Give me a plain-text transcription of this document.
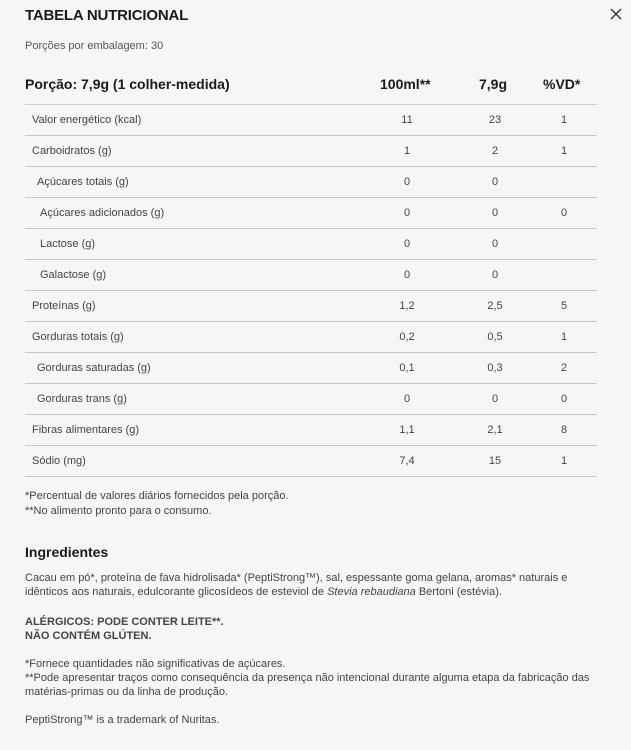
TABELA NUTRICIONAL
Porções por embalagem: 30
Porção: 7,9g (1 colher-medida)	100ml**	7,9g	%VD*
Valor energético (kcal)	11	23	1
Carboidratos (g)	1	2	1
Açúcares totais (g)	0	0
Açúcares adicionados (g)	0	0	0
Lactose (g)	0	0
Galactose (g)	0	0
Proteínas (g)	1,2	2,5	5
Gorduras totais (g)	0,2	0,5	1
Gorduras saturadas (g)	0,1	0,3	2
Gorduras trans (g)	0	0	0
Fibras alimentares (g)	1,1	2,1	8
Sódio (mg)	7,4	15	1
*Percentual de valores diários fornecidos pela porção.
**No alimento pronto para o consumo.
Ingredientes
Cacau em pó*, proteína de fava hidrolisada* (PeptiStrong™), sal, espessante goma gelana, aromas* naturais e idênticos aos naturais, edulcorante glicosídeos de esteviol de Stevia rebaudiana Bertoni (estévia).
ALÉRGICOS: PODE CONTER LEITE**.
NÃO CONTÉM GLÚTEN.
*Fornece quantidades não significativas de açúcares.
**Pode apresentar traços como consequência da presença não intencional durante alguma etapa da fabricação das matérias-primas ou da linha de produção.
PeptiStrong™ is a trademark of Nuritas.
